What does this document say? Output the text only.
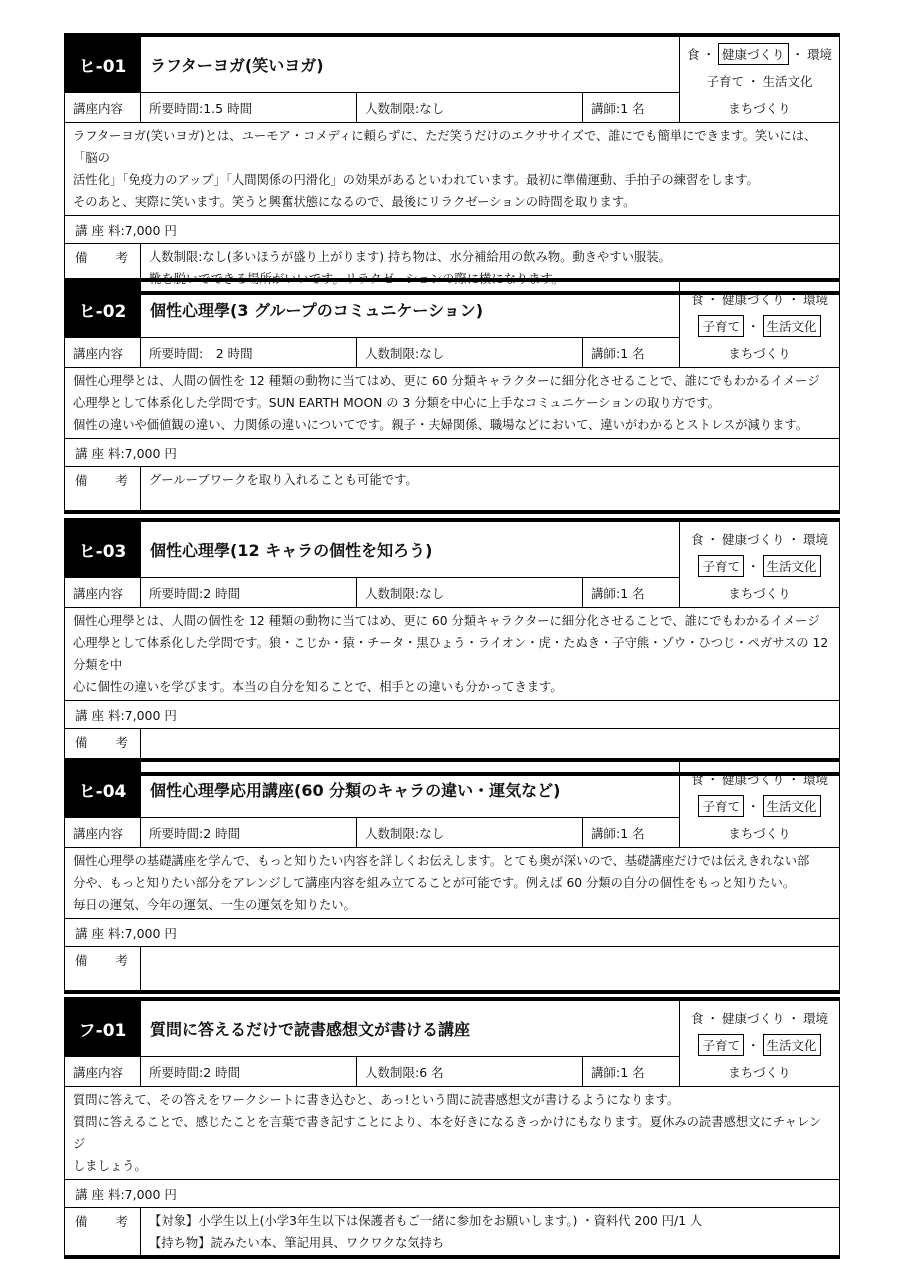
ヒ-01	ラフターヨガ(笑いヨガ)
講座内容	所要時間:1.5 時間	人数制限:なし	講師:1 名
食 ・ 健康づくり ・ 環境
子育て ・ 生活文化
まちづくり
ラフターヨガ(笑いヨガ)とは、ユーモア・コメディに頼らずに、ただ笑うだけのエクササイズで、誰にでも簡単にできます。笑いには、「脳の
活性化」「免疫力のアップ」「人間関係の円滑化」の効果があるといわれています。最初に準備運動、手拍子の練習をします。
そのあと、実際に笑います。笑うと興奮状態になるので、最後にリラクゼーションの時間を取ります。
講 座 料: 7,000 円
備　　考	人数制限:なし(多いほうが盛り上がります) 持ち物は、水分補給用の飲み物。動きやすい服装。
靴を脱いでできる場所がいいです。リラクゼーションの際に横になります。
ヒ-02	個性心理學(3 グループのコミュニケーション)
講座内容	所要時間:　2 時間	人数制限:なし	講師:1 名
食 ・ 健康づくり ・ 環境
子育て ・ 生活文化
まちづくり
個性心理學とは、人間の個性を 12 種類の動物に当てはめ、更に 60 分類キャラクターに細分化させることで、誰にでもわかるイメージ
心理學として体系化した学問です。SUN EARTH MOON の 3 分類を中心に上手なコミュニケーションの取り方です。
個性の違いや価値観の違い、力関係の違いについてです。親子・夫婦関係、職場などにおいて、違いがわかるとストレスが減ります。
講 座 料: 7,000 円
備　　考	グールーブワークを取り入れることも可能です。
ヒ-03	個性心理學(12 キャラの個性を知ろう)
講座内容	所要時間:2 時間	人数制限:なし	講師:1 名
食 ・ 健康づくり ・ 環境
子育て ・ 生活文化
まちづくり
個性心理學とは、人間の個性を 12 種類の動物に当てはめ、更に 60 分類キャラクターに細分化させることで、誰にでもわかるイメージ
心理學として体系化した学問です。狼・こじか・猿・チータ・黒ひょう・ライオン・虎・たぬき・子守熊・ゾウ・ひつじ・ペガサスの 12 分類を中
心に個性の違いを学びます。本当の自分を知ることで、相手との違いも分かってきます。
講 座 料: 7,000 円
備　　考
ヒ-04	個性心理學応用講座(60 分類のキャラの違い・運気など)
講座内容	所要時間:2 時間	人数制限:なし	講師:1 名
食 ・ 健康づくり ・ 環境
子育て ・ 生活文化
まちづくり
個性心理學の基礎講座を学んで、もっと知りたい内容を詳しくお伝えします。とても奥が深いので、基礎講座だけでは伝えきれない部
分や、もっと知りたい部分をアレンジして講座内容を組み立てることが可能です。例えば 60 分類の自分の個性をもっと知りたい。
毎日の運気、今年の運気、一生の運気を知りたい。
講 座 料: 7,000 円
備　　考
フ-01	質問に答えるだけで読書感想文が書ける講座
講座内容	所要時間:2 時間	人数制限:6 名	講師:1 名
食 ・ 健康づくり ・ 環境
子育て ・ 生活文化
まちづくり
質問に答えて、その答えをワークシートに書き込むと、あっ!という間に読書感想文が書けるようになります。
質問に答えることで、感じたことを言葉で書き記すことにより、本を好きになるきっかけにもなります。夏休みの読書感想文にチャレンジ
しましょう。
講 座 料: 7,000 円
備　　考	【対象】小学生以上(小学3年生以下は保護者もご一緒に参加をお願いします。) ・資料代 200 円/1 人
【持ち物】読みたい本、筆記用具、ワクワクな気持ち
